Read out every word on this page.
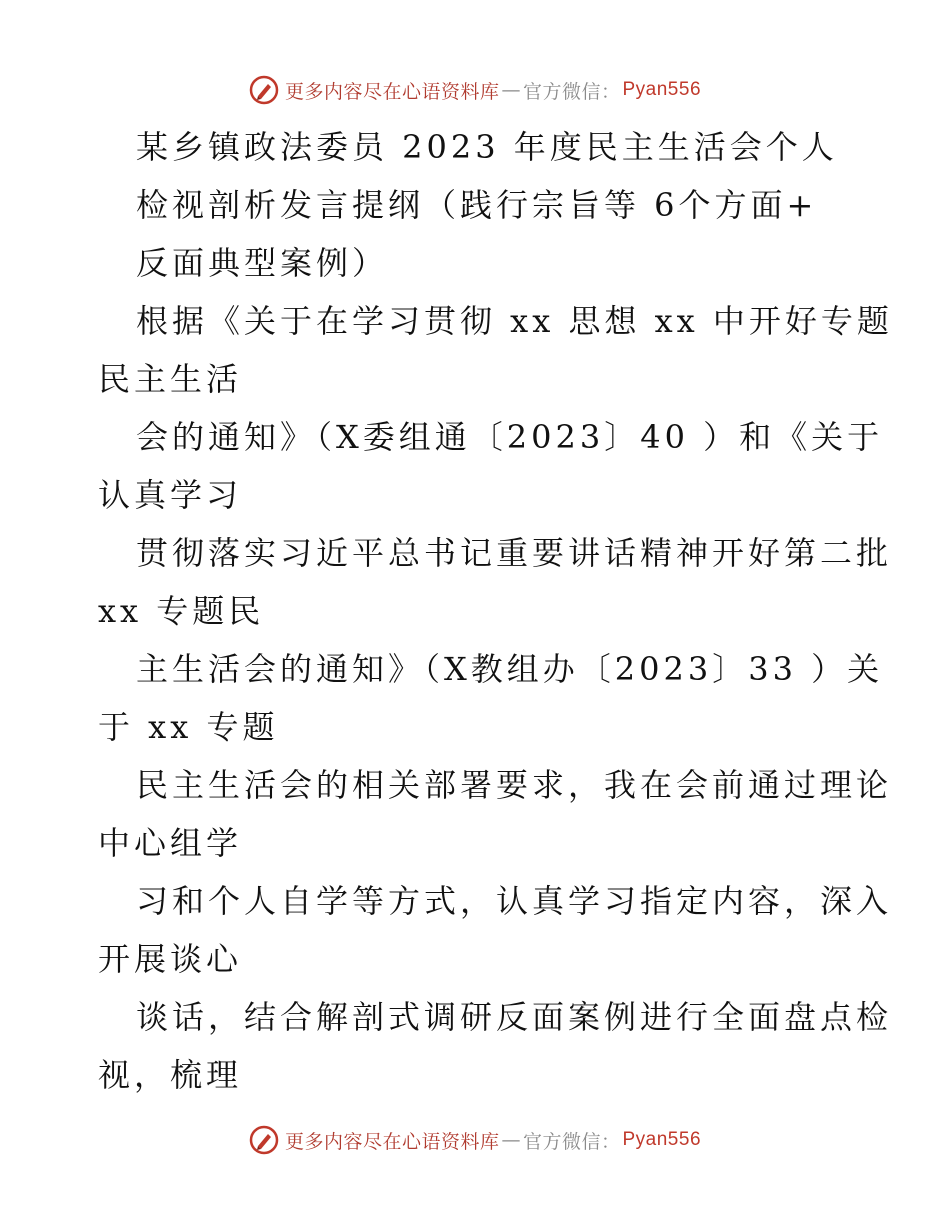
更多内容尽在心语资料库 — 官方微信： Pyan556
某乡镇政法委员 2023 年度民主生活会个人
检视剖析发言提纲（践行宗旨等 6个方面+
反面典型案例）
根据《关于在学习贯彻 xx 思想 xx 中开好专题
民主生活
会的通知》（X委组通〔2023〕40 ）和《关于
认真学习
贯彻落实习近平总书记重要讲话精神开好第二批
xx 专题民
主生活会的通知》（X教组办〔2023〕33 ）关
于 xx 专题
民主生活会的相关部署要求，我在会前通过理论
中心组学
习和个人自学等方式，认真学习指定内容，深入
开展谈心
谈话，结合解剖式调研反面案例进行全面盘点检
视，梳理
更多内容尽在心语资料库 — 官方微信： Pyan556
